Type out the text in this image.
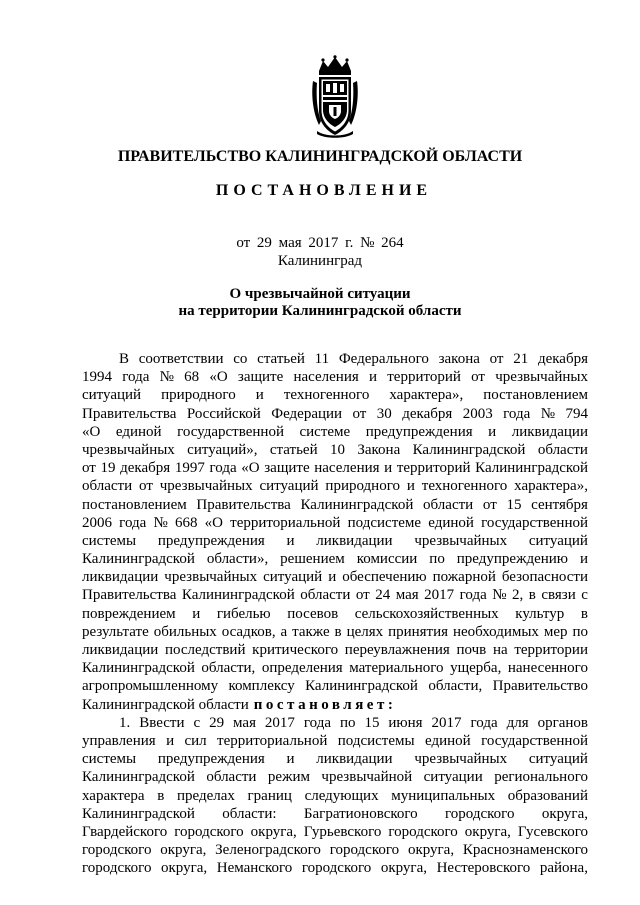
ПРАВИТЕЛЬСТВО КАЛИНИНГРАДСКОЙ ОБЛАСТИ
ПОСТАНОВЛЕНИЕ
от 29 мая 2017 г. № 264
Калининград
О чрезвычайной ситуации
на территории Калининградской области
В соответствии со статьей 11 Федерального закона от 21 декабря
1994 года № 68 «О защите населения и территорий от чрезвычайных
ситуаций природного и техногенного характера», постановлением
Правительства Российской Федерации от 30 декабря 2003 года № 794
«О единой государственной системе предупреждения и ликвидации
чрезвычайных ситуаций», статьей 10 Закона Калининградской области
от 19 декабря 1997 года «О защите населения и территорий Калининградской
области от чрезвычайных ситуаций природного и техногенного характера»,
постановлением Правительства Калининградской области от 15 сентября
2006 года № 668 «О территориальной подсистеме единой государственной
системы предупреждения и ликвидации чрезвычайных ситуаций
Калининградской области», решением комиссии по предупреждению и
ликвидации чрезвычайных ситуаций и обеспечению пожарной безопасности
Правительства Калининградской области от 24 мая 2017 года № 2, в связи с
повреждением и гибелью посевов сельскохозяйственных культур в
результате обильных осадков, а также в целях принятия необходимых мер по
ликвидации последствий критического переувлажнения почв на территории
Калининградской области, определения материального ущерба, нанесенного
агропромышленному комплексу Калининградской области, Правительство
Калининградской области постановляет:
1. Ввести с 29 мая 2017 года по 15 июня 2017 года для органов
управления и сил территориальной подсистемы единой государственной
системы предупреждения и ликвидации чрезвычайных ситуаций
Калининградской области режим чрезвычайной ситуации регионального
характера в пределах границ следующих муниципальных образований
Калининградской области: Багратионовского городского округа,
Гвардейского городского округа, Гурьевского городского округа, Гусевского
городского округа, Зеленоградского городского округа, Краснознаменского
городского округа, Неманского городского округа, Нестеровского района,
